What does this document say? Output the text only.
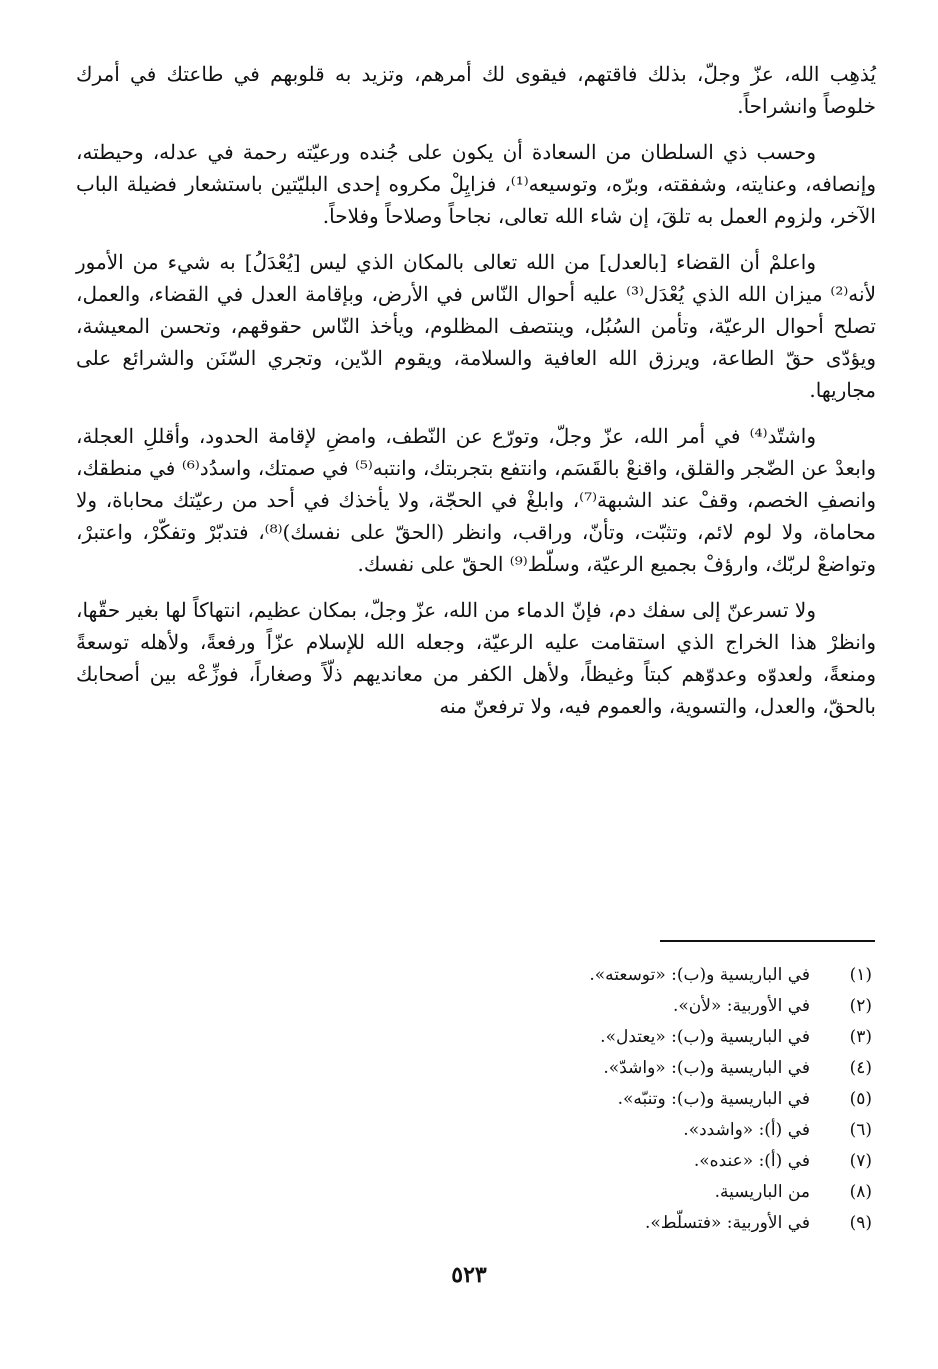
يُذهِب الله، عزّ وجلّ، بذلك فاقتهم، فيقوى لك أمرهم، وتزيد به قلوبهم في طاعتك في أمرك خلوصاً وانشراحاً.

وحسب ذي السلطان من السعادة أن يكون على جُنده ورعيّته رحمة في عدله، وحيطته، وإنصافه، وعنايته، وشفقته، وبرّه، وتوسيعه⁽¹⁾، فزايِلْ مكروه إحدى البليّتين باستشعار فضيلة الباب الآخر، ولزوم العمل به تلقَ، إن شاء الله تعالى، نجاحاً وصلاحاً وفلاحاً.

واعلمْ أن القضاء [بالعدل] من الله تعالى بالمكان الذي ليس [يُعْدَلُ] به شيء من الأمور لأنه⁽²⁾ ميزان الله الذي يُعْدَل⁽³⁾ عليه أحوال النّاس في الأرض، وبإقامة العدل في القضاء، والعمل، تصلح أحوال الرعيّة، وتأمن السُبُل، وينتصف المظلوم، ويأخذ النّاس حقوقهم، وتحسن المعيشة، ويؤدّى حقّ الطاعة، ويرزق الله العافية والسلامة، ويقوم الدّين، وتجري السّنَن والشرائع على مجاريها.

واشتّد⁽⁴⁾ في أمر الله، عزّ وجلّ، وتورّع عن النّطف، وامضِ لإقامة الحدود، وأقللِ العجلة، وابعدْ عن الضّجر والقلق، واقنعْ بالقَسَم، وانتفع بتجربتك، وانتبه⁽⁵⁾ في صمتك، واسدُد⁽⁶⁾ في منطقك، وانصفِ الخصم، وقفْ عند الشبهة⁽⁷⁾، وابلغْ في الحجّة، ولا يأخذك في أحد من رعيّتك محاباة، ولا محاماة، ولا لوم لائم، وتثبّت، وتأنّ، وراقب، وانظر (الحقّ على نفسك)⁽⁸⁾، فتدبّرْ وتفكّرْ، واعتبرْ، وتواضعْ لربّك، وارؤفْ بجميع الرعيّة، وسلّط⁽⁹⁾ الحقّ على نفسك.

ولا تسرعنّ إلى سفك دم، فإنّ الدماء من الله، عزّ وجلّ، بمكان عظيم، انتهاكاً لها بغير حقّها، وانظرْ هذا الخراج الذي استقامت عليه الرعيّة، وجعله الله للإسلام عزّاً ورفعةً، ولأهله توسعةً ومنعةً، ولعدوّه وعدوّهم كبتاً وغيظاً، ولأهل الكفر من معانديهم ذلّاً وصغاراً، فوزِّعْه بين أصحابك بالحقّ، والعدل، والتسوية، والعموم فيه، ولا ترفعنّ منه

(١)
في الباريسية و(ب): «توسعته».
(٢)
في الأوربية: «لأن».
(٣)
في الباريسية و(ب): «يعتدل».
(٤)
في الباريسية و(ب): «واشدّ».
(٥)
في الباريسية و(ب): وتنبّه».
(٦)
في (أ): «واشدد».
(٧)
في (أ): «عنده».
(٨)
من الباريسية.
(٩)
في الأوربية: «فتسلّط».
٥٢٣
